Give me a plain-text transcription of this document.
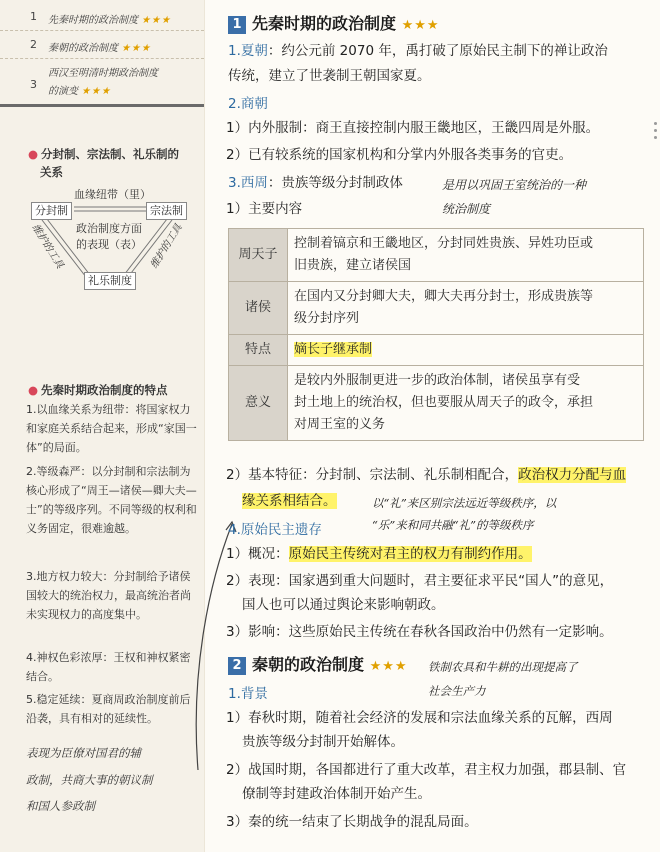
1 先秦时期的政治制度 ★★★
2 秦朝的政治制度 ★★★
3
西汉至明清时期政治制度
的演变 ★★★
● 分封制、宗法制、礼乐制的
关系
血缘纽带（里）
分封制	宗法制
礼乐制度
政治制度方面
的表现（表）
维护的工具	维护的工具
● 先秦时期政治制度的特点
1.以血缘关系为纽带：将国家权力和家庭关系结合起来，形成“家国一体”的局面。
2.等级森严：以分封制和宗法制为核心形成了“周王—诸侯—卿大夫—士”的等级序列。不同等级的权利和义务固定，很难逾越。
3.地方权力较大：分封制给予诸侯国较大的统治权力，最高统治者尚未实现权力的高度集中。
4.神权色彩浓厚：王权和神权紧密结合。
5.稳定延续：夏商周政治制度前后沿袭，具有相对的延续性。
表现为臣僚对国君的辅
政制，共商大事的朝议制
和国人参政制
1 先秦时期的政治制度 ★★★
1.夏朝：约公元前 2070 年，禹打破了原始民主制下的禅让政治
传统，建立了世袭制王朝国家夏。
2.商朝
1）内外服制：商王直接控制内服王畿地区，王畿四周是外服。
2）已有较系统的国家机构和分掌内外服各类事务的官吏。
3.西周：贵族等级分封制政体	是用以巩固王室统治的一种
统治制度
1）主要内容
周天子	控制着镐京和王畿地区，分封同姓贵族、异姓功臣或
旧贵族，建立诸侯国

诸侯	在国内又分封卿大夫，卿大夫再分封士，形成贵族等
级分封序列

特点	嫡长子继承制
意义	是较内外服制更进一步的政治体制，诸侯虽享有受
封土地上的统治权，但也要服从周天子的政令，承担
对周王室的义务
2）基本特征：分封制、宗法制、礼乐制相配合，政治权力分配与血
缘关系相结合。	以“礼”来区别宗法远近等级秩序，以
“乐”来和同共融“礼”的等级秩序
4.原始民主遗存
1）概况：原始民主传统对君主的权力有制约作用。
2）表现：国家遇到重大问题时，君主要征求平民“国人”的意见，
国人也可以通过舆论来影响朝政。
3）影响：这些原始民主传统在春秋各国政治中仍然有一定影响。
2 秦朝的政治制度 ★★★ 铁制农具和牛耕的出现提高了
社会生产力
1.背景
1）春秋时期，随着社会经济的发展和宗法血缘关系的瓦解，西周
贵族等级分封制开始解体。
2）战国时期，各国都进行了重大改革，君主权力加强，郡县制、官
僚制等封建政治体制开始产生。
3）秦的统一结束了长期战争的混乱局面。
